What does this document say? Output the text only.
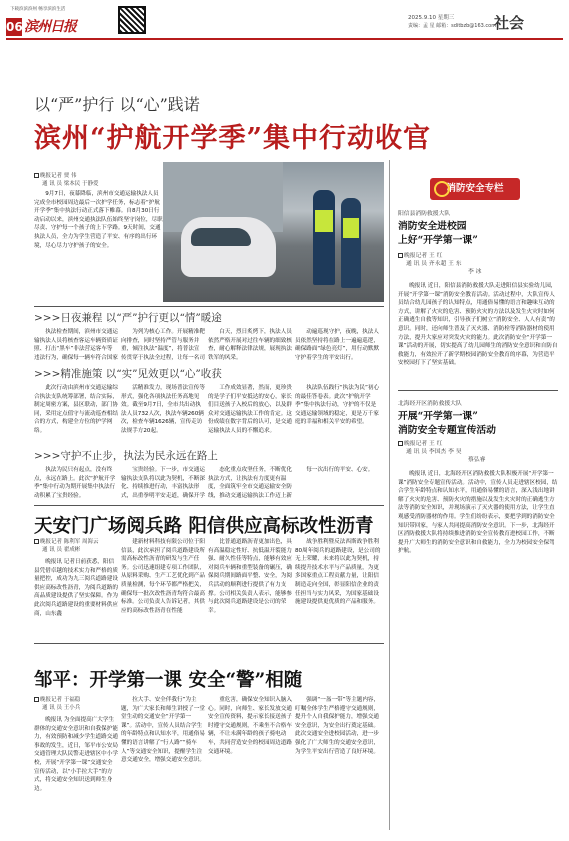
下载滨滨滨州 畅享滨滨生活
06 滨州日报
2025.9.10 星期三
责编：孟 星 邮箱：sditbzb@163.com
社会
以“严”护行 以“心”践诺
滨州“护航开学季”集中行动收官
晚报记者 贾 伟
通 讯 员 梁本民 于静爱
9月7日，夜幕降临，滨州市交通运输执法人员完成全市校园周边最后一次护学任务，标志着“护航开学季”集中执法行动正式落下帷幕。自8月30日行动启动以来，滨州交通执法队伍始终坚守岗位，尽职尽责、守护每一个孩子的上下学路。9天时间，交通执法人员，全力为学生营造了平安、有序的出行环境，尽心尽力守护孩子的安全。
>>>日夜兼程 以“严”护行更以“情”暖途
执法检查期间，滨州市交通运输执法人员将核查客运车辆资质证照、打击“黑车”非法营运客车等违法行为，确保每一辆车符合国家
为列为核心工作。开展精准靶向排查，同时坚持严管与服务并重，倾注执法“温度”，将普法宣传贯穿于执法全过程，让每一名司
白天，烈日炙烤下，执法人员依然严格开展对过往车辆的细致核查，耐心解释法律法规，展现执法铁军的风采。
动遍巡现守护，夜晚，执法人员依然坚持将在路上一遍遍巡逻，确保路面“绿色亮灯”，用行动默默守护着学生的平安出行。
>>>精准施策 以“实”见效更以“心”收获
此次行动由滨州市交通运输综合执法支队统筹部署，结合实际，制定周密方案，县区联动，部门协同，采用定点值守与流动巡查相结合的方式，构建全方位的护学网络。
活精准发力，现场普法宣传等形式，强化各项执法任务高地见效。截至9月7日，全市共出动执法人员732人次，执法车辆260辆次，检查车辆1626辆，宣传走访法规手方20起。
工作成效显著，然而，更珍贵的是学子们平安抵达的安心，家长们目送孩子入校后的放心，以及群众对交通运输执法工作的肯定。这份成绩在数字背后的认可，是交通运输执法人员的不懈追求。
执法队伍践行“执法为民”初心的最佳答卷表。此次“护航开学季”集中执法行动，守护的不仅是交通运输领域的稳定，更是万千家庭的幸福和相关平安的希望。
>>>守护不止步，执法为民永远在路上
执法为民只有起点，没有终点，永远在路上。此次“护航开学季”集中行动为期开展集中执法行动积累了宝贵经验。
宝贵经验。下一步，市交通运输执法支队将以此为契机，不断深化、持续推进行动，丰富执法形式，出重拳明平安走道，确保开学
态化重点攻坚任务，不断优化执法方式，让执法有力度更有温度，全面筑牢全市交通运输安全防线，推动交通运输执法工作迈上新
每一次出行的平安、心安。
消防安全专栏
阳信县消防救援大队
消防安全进校园
上好“开学第一课”
晚报记者 王 红
通 讯 员 齐永超 王 东
李 冰
晚报讯 近日，阳信县消防救援大队走进阳信县实验幼儿园，开展“开学第一课”消防安全教育活动。活动过程中，大队宣传人员结合幼儿园孩子的认知特点，用通俗易懂的语言和趣味互动的方式，讲解了火灾的危害、预防火灾的方法以及发生火灾时如何正确逃生自救等知识，引导孩子们树立“消防安全、人人有责”的意识。同时，还向师生普及了灭火器、消防栓等消防器材的使用方法，提升大家应对突发火灾的能力。此次消防安全“开学第一课”活动的开展，切实提高了幼儿园师生的消防安全意识和自防自救能力，有效拉开了新学期校园消防安全教育的序幕，为营造平安校园打下了坚实基础。
北海经开区消防救援大队
开展“开学第一课”
消防安全专题宣传活动
晚报记者 王 红
通 讯 员 李国杰 李 昊
蔡弘睿
晚报讯 近日，北海经开区消防救援大队积极开展“开学第一课”消防安全专题宣传活动。活动中，宣传人员走进辖区校园，结合学生年龄特点和认知水平，用通俗易懂的语言，深入浅出地讲解了火灾的危害、预防火灾的措施以及发生火灾时的正确逃生方法等消防安全知识，并现场演示了灭火器的使用方法，让学生直观感受消防器材的作用。学生们纷纷表示，要把学到的消防安全知识带回家，与家人共同提高消防安全意识。下一步，北海经开区消防救援大队将持续推进消防安全宣传教育进校园工作，不断提升广大师生的消防安全意识和自救能力，全力为校园安全保驾护航。
天安门广场阅兵路 阳信供应高标改性沥青
晚报记者 陈利军 周海云
通 讯 员 翟成彬
晚报讯 记者日前获悉，阳信县凭借卓越的技术实力和严格的质量把控，成功为九三阅兵道路建设供应高标改性沥青，为阅兵道路的高品质建设提供了坚实保障。作为此次阅兵道路建设的重要材料供应商，山东鑫
建新材料科技有限公司位于阳信县，此次承担了阅兵道路建设所需高标改性沥青的研发与生产任务。公司迅速组建专项工作团队，从原料采购、生产工艺优化到产品质量检测，每个环节都严格把关，确保每一批次改性沥青均符合最高标准。公司负责人告诉记者，其供应的高标改性沥青在性能
比普通道路沥青更加出色，具有高温稳定性好、抗低温开裂能力强、耐久性佳等特点，能够有效应对阅兵车辆和重型装备的碾压，确保阅兵期间路面平整、安全，为阅兵活动的顺利进行提供了有力支撑。公司相关负责人表示，能够参与此次阅兵道路建设是公司的荣幸。
战争胜利暨反法西斯战争胜利80周年阅兵的道路建设，是公司的无上荣耀，未来将以此为契机，持续提升技术水平与产品质量，为更多国家重点工程贡献力量，让阳信制造走向全国，彰显阳信企业的责任担当与实力风采，为国家基础设施建设提供更优质的产品和服务。
邹平：开学第一课 安全“警”相随
晚报记者 于福稳
通 讯 员 王小兵
晚报讯 为全面提高广大学生群体的交通安全意识和自我保护能力，有效预防和减少学生道路交通事故的发生，近日，邹平市公安局交通管理大队民警走进辖区中小学校，开展“开学第一课”交通安全宣传活动，以“小手拉大手”的方式，将交通安全知识送到师生身边。
拉大手、安全伴我行”为主题，为广大家长和师生讲授了一堂堂生动的交通安全“开学第一课”。活动中，宣传人员结合学生的年龄特点和认知水平，用通俗易懂的语言讲解了“行人路”“骑车人”等交通安全知识，提醒学生注意交通安全，增强交通安全意识。
重危害，确保安全知识入脑入心。同时，向师生、家长发放交通安全宣传资料，提示家长接送孩子时遵守交通规则，不乘坐不合格车辆，不让未满年龄的孩子骑电动车，共同营造安全的校园周边道路交通环境。
强调“一盔一带”等主题内容，叮嘱全体学生严格遵守交通规则，提升个人自我保护能力，增强交通安全意识，为安全出行奠定基础。此次交通安全进校园活动，进一步强化了广大师生的交通安全意识，为学生平安出行营造了良好环境。
